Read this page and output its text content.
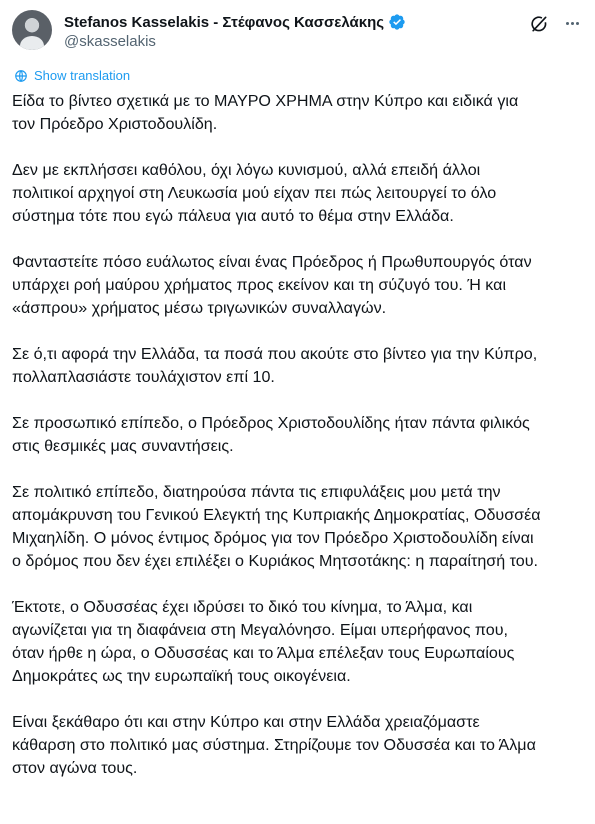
Stefanos Kasselakis - Στέφανος Κασσελάκης
@skasselakis
Show translation
Είδα το βίντεο σχετικά με το ΜΑΥΡΟ ΧΡΗΜΑ στην Κύπρο και ειδικά για
τον Πρόεδρο Χριστοδουλίδη.
Δεν με εκπλήσσει καθόλου, όχι λόγω κυνισμού, αλλά επειδή άλλοι
πολιτικοί αρχηγοί στη Λευκωσία μού είχαν πει πώς λειτουργεί το όλο
σύστημα τότε που εγώ πάλευα για αυτό το θέμα στην Ελλάδα.
Φανταστείτε πόσο ευάλωτος είναι ένας Πρόεδρος ή Πρωθυπουργός όταν
υπάρχει ροή μαύρου χρήματος προς εκείνον και τη σύζυγό του. Ή και
«άσπρου» χρήματος μέσω τριγωνικών συναλλαγών.
Σε ό,τι αφορά την Ελλάδα, τα ποσά που ακούτε στο βίντεο για την Κύπρο,
πολλαπλασιάστε τουλάχιστον επί 10.
Σε προσωπικό επίπεδο, ο Πρόεδρος Χριστοδουλίδης ήταν πάντα φιλικός
στις θεσμικές μας συναντήσεις.
Σε πολιτικό επίπεδο, διατηρούσα πάντα τις επιφυλάξεις μου μετά την
απομάκρυνση του Γενικού Ελεγκτή της Κυπριακής Δημοκρατίας, Οδυσσέα
Μιχαηλίδη. Ο μόνος έντιμος δρόμος για τον Πρόεδρο Χριστοδουλίδη είναι
ο δρόμος που δεν έχει επιλέξει ο Κυριάκος Μητσοτάκης: η παραίτησή του.
Έκτοτε, ο Οδυσσέας έχει ιδρύσει το δικό του κίνημα, το Άλμα, και
αγωνίζεται για τη διαφάνεια στη Μεγαλόνησο. Είμαι υπερήφανος που,
όταν ήρθε η ώρα, ο Οδυσσέας και το Άλμα επέλεξαν τους Ευρωπαίους
Δημοκράτες ως την ευρωπαϊκή τους οικογένεια.
Είναι ξεκάθαρο ότι και στην Κύπρο και στην Ελλάδα χρειαζόμαστε
κάθαρση στο πολιτικό μας σύστημα. Στηρίζουμε τον Οδυσσέα και το Άλμα
στον αγώνα τους.
